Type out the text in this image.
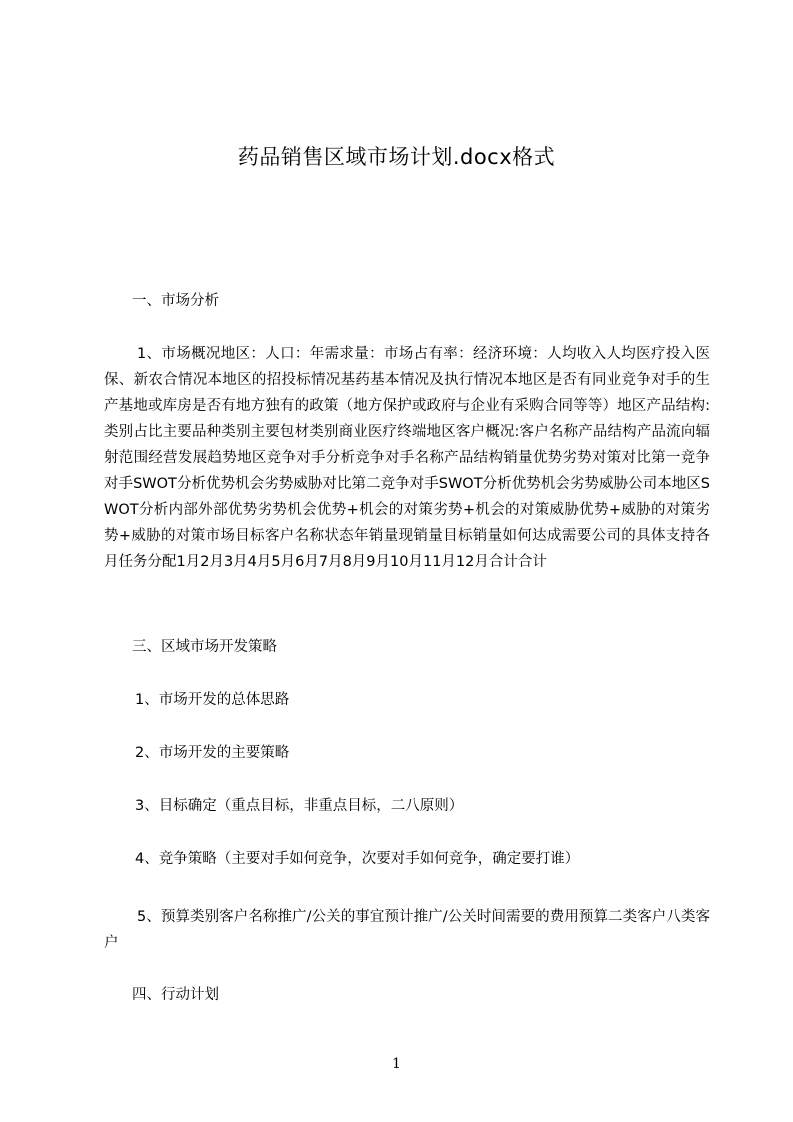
药品销售区域市场计划.docx格式
一、市场分析
1、市场概况地区：人口：年需求量：市场占有率：经济环境：人均收入人均医疗投入医保、新农合情况本地区的招投标情况基药基本情况及执行情况本地区是否有同业竞争对手的生产基地或库房是否有地方独有的政策（地方保护或政府与企业有采购合同等等）地区产品结构:类别占比主要品种类别主要包材类别商业医疗终端地区客户概况:客户名称产品结构产品流向辐射范围经营发展趋势地区竞争对手分析竞争对手名称产品结构销量优势劣势对策对比第一竞争对手SWOT分析优势机会劣势威胁对比第二竞争对手SWOT分析优势机会劣势威胁公司本地区SWOT分析内部外部优势劣势机会优势+机会的对策劣势+机会的对策威胁优势+威胁的对策劣势+威胁的对策市场目标客户名称状态年销量现销量目标销量如何达成需要公司的具体支持各月任务分配1月2月3月4月5月6月7月8月9月10月11月12月合计合计
三、区域市场开发策略
1、市场开发的总体思路
2、市场开发的主要策略
3、目标确定（重点目标，非重点目标，二八原则）
4、竞争策略（主要对手如何竞争，次要对手如何竞争，确定要打谁）
5、预算类别客户名称推广/公关的事宜预计推广/公关时间需要的费用预算二类客户八类客户
四、行动计划
1
